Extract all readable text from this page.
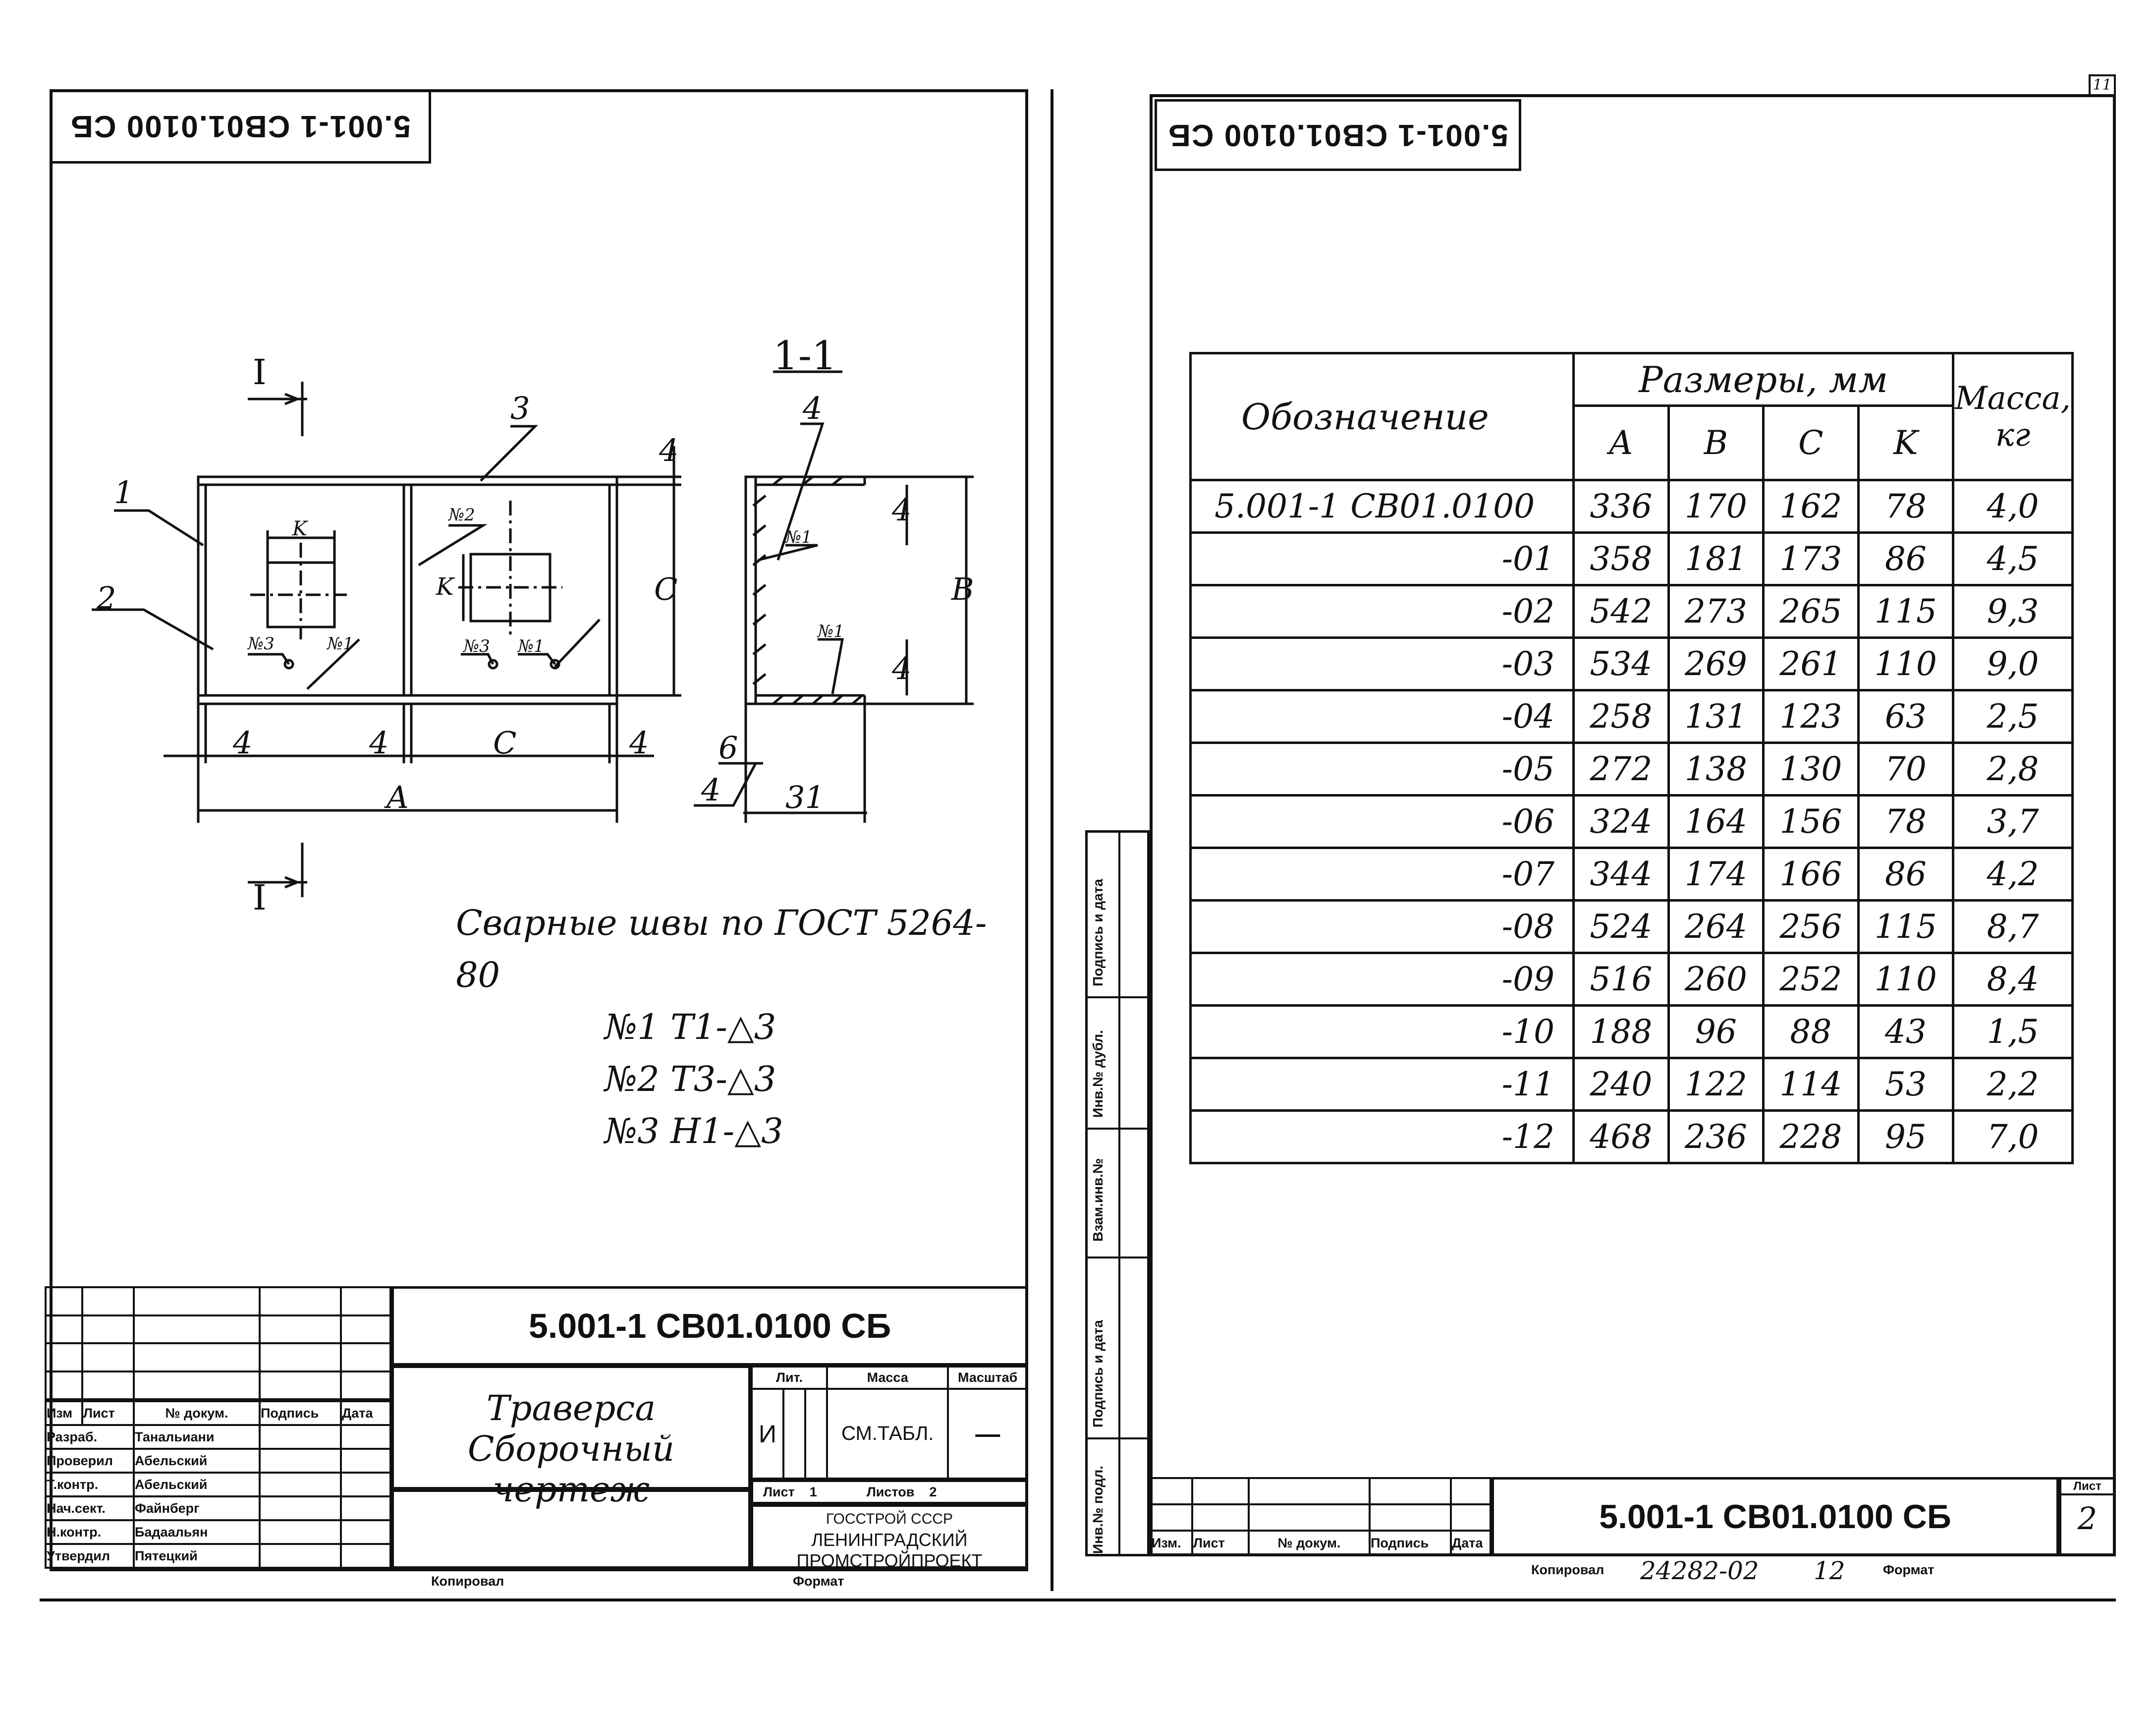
5.001-1 CB01.0100 СБ
I
I
1
2
3	4
1-1
K
K
№3	№1
№2
№3 №1
№1
№1
C	B
4
4
4
4	4	C	4
A
6
4 31
Сварные швы по ГОСТ 5264-80
№1 Т1-△3
№2 Т3-△3
№3 Н1-△3

Изм	Лист	№ докум.	Подпись	Дата
Разраб.		Танальиани		
Проверил		Абельский		
Т.контр.		Абельский		
Нач.сект.		Файнберг		
Н.контр.		Бадаальян		
Утвердил		Пятецкий		
5.001-1 CB01.0100 СБ
Траверса
Сборочный чертеж
Лит.			Масса	Масштаб
И			СМ.ТАБЛ.	—
Лист 1	Листов 2
ГОССТРОЙ СССР
ЛЕНИНГРАДСКИЙ
ПРОМСТРОЙПРОЕКТ
Копировал	Формат
11
5.001-1 CB01.0100 СБ
Подпись и дата
Инв.№ дубл.
Взам.инв.№
Подпись и дата
Инв.№ подл.
Обозначение	Размеры, мм				Масса, кг
	A	B	C	K	
5.001-1 CB01.0100	336	170	162	78	4,0
-01	358	181	173	86	4,5
-02	542	273	265	115	9,3
-03	534	269	261	110	9,0
-04	258	131	123	63	2,5
-05	272	138	130	70	2,8
-06	324	164	156	78	3,7
-07	344	174	166	86	4,2
-08	524	264	256	115	8,7
-09	516	260	252	110	8,4
-10	188	96	88	43	1,5
-11	240	122	114	53	2,2
-12	468	236	228	95	7,0

Изм.	Лист	№ докум.	Подпись	Дата
5.001-1 CB01.0100 СБ
Лист
2
Копировал 24282-02 12	Формат
